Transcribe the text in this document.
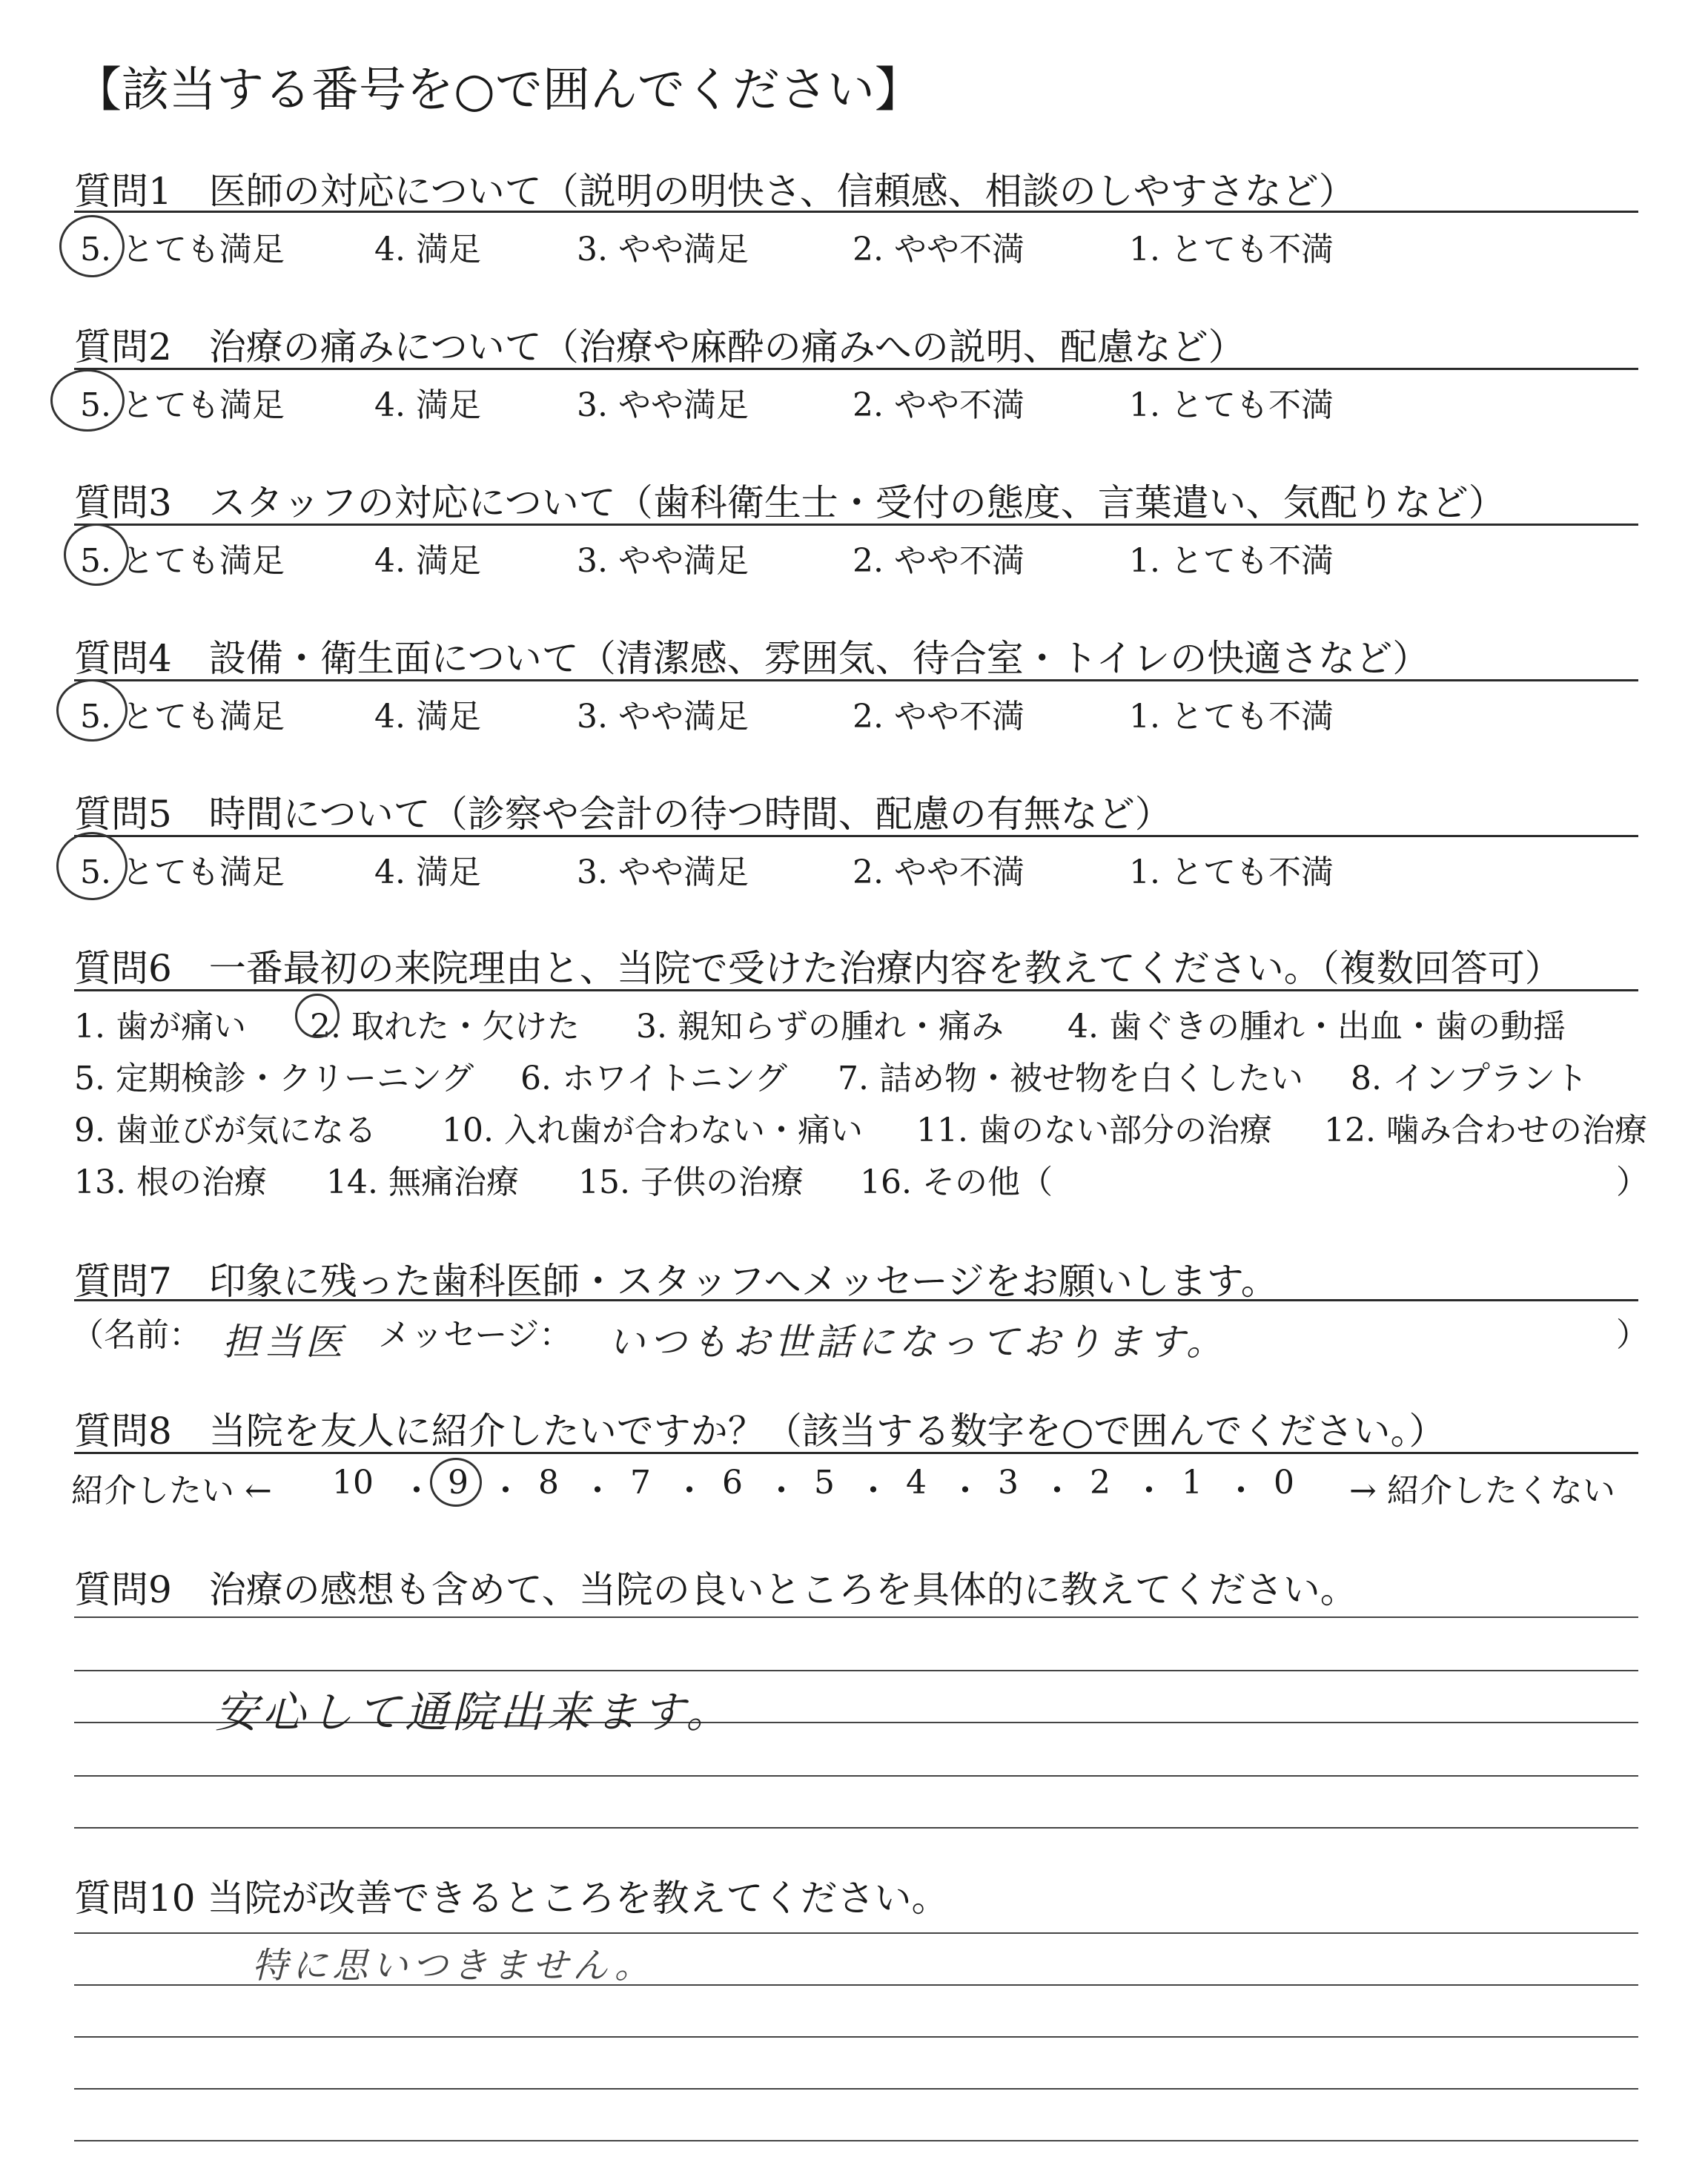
【該当する番号を○で囲んでください】
質問1　医師の対応について（説明の明快さ、信頼感、相談のしやすさなど）
5. とても満足	4. 満足	3. やや満足	2. やや不満	1. とても不満
質問2　治療の痛みについて（治療や麻酔の痛みへの説明、配慮など）
5. とても満足	4. 満足	3. やや満足	2. やや不満	1. とても不満
質問3　スタッフの対応について（歯科衛生士・受付の態度、言葉遣い、気配りなど）
5. とても満足	4. 満足	3. やや満足	2. やや不満	1. とても不満
質問4　設備・衛生面について（清潔感、雰囲気、待合室・トイレの快適さなど）
5. とても満足	4. 満足	3. やや満足	2. やや不満	1. とても不満
質問5　時間について（診察や会計の待つ時間、配慮の有無など）
5. とても満足	4. 満足	3. やや満足	2. やや不満	1. とても不満
質問6　一番最初の来院理由と、当院で受けた治療内容を教えてください。（複数回答可）
1. 歯が痛い 2. 取れた・欠けた 3. 親知らずの腫れ・痛み 4. 歯ぐきの腫れ・出血・歯の動揺
5. 定期検診・クリーニング 6. ホワイトニング 7. 詰め物・被せ物を白くしたい 8. インプラント
9. 歯並びが気になる 10. 入れ歯が合わない・痛い 11. 歯のない部分の治療 12. 噛み合わせの治療
13. 根の治療 14. 無痛治療 15. 子供の治療 16. その他（	）
質問7　印象に残った歯科医師・スタッフへメッセージをお願いします。
（名前： 担当医 メッセージ： いつもお世話になっております。	）
質問8　当院を友人に紹介したいですか？（該当する数字を○で囲んでください。）
紹介したい ←	→ 紹介したくない
10 9 8 7 6 5 4 3 2 1 0
・ ・ ・ ・ ・ ・ ・ ・ ・ ・
質問9　治療の感想も含めて、当院の良いところを具体的に教えてください。
安心して通院出来ます。
質問10 当院が改善できるところを教えてください。
特に思いつきません。
